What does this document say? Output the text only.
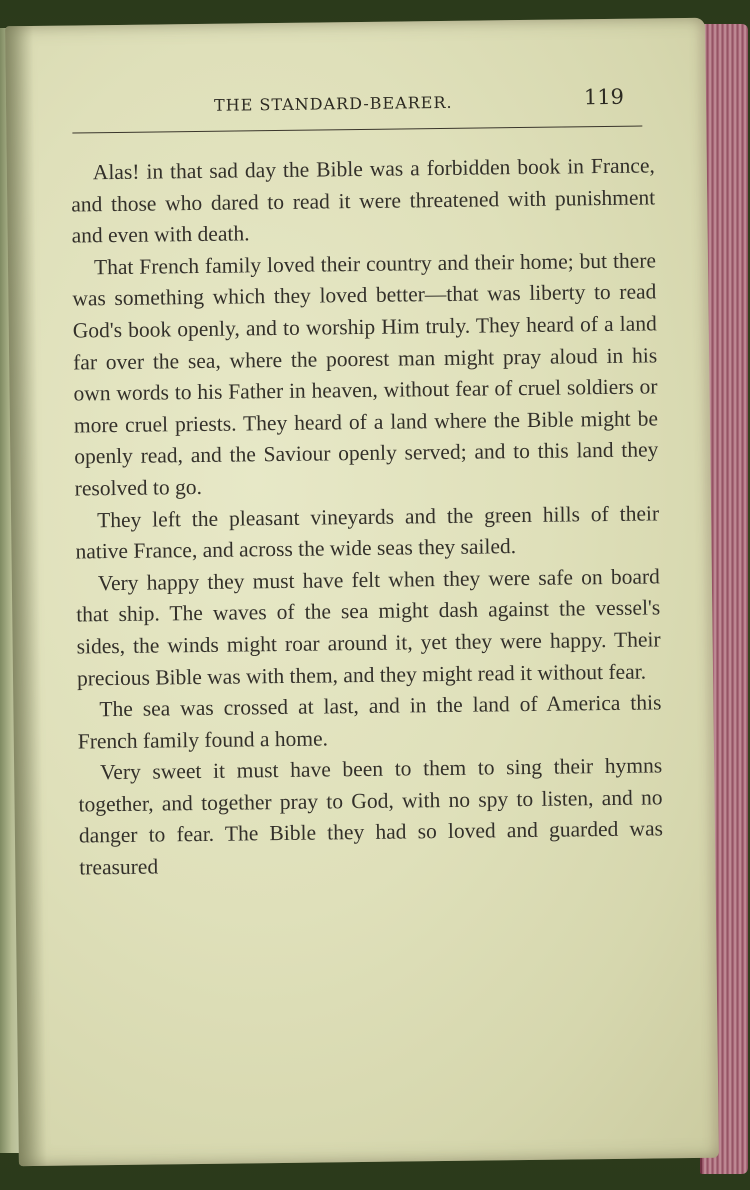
THE STANDARD-BEARER.	119

Alas! in that sad day the Bible was a forbidden book in France, and those who dared to read it were threatened with punishment and even with death.

That French family loved their country and their home; but there was something which they loved better—that was liberty to read God's book openly, and to worship Him truly. They heard of a land far over the sea, where the poorest man might pray aloud in his own words to his Father in heaven, without fear of cruel soldiers or more cruel priests. They heard of a land where the Bible might be openly read, and the Saviour openly served; and to this land they resolved to go.

They left the pleasant vineyards and the green hills of their native France, and across the wide seas they sailed.

Very happy they must have felt when they were safe on board that ship. The waves of the sea might dash against the vessel's sides, the winds might roar around it, yet they were happy. Their precious Bible was with them, and they might read it without fear.

The sea was crossed at last, and in the land of America this French family found a home.

Very sweet it must have been to them to sing their hymns together, and together pray to God, with no spy to listen, and no danger to fear. The Bible they had so loved and guarded was treasured
